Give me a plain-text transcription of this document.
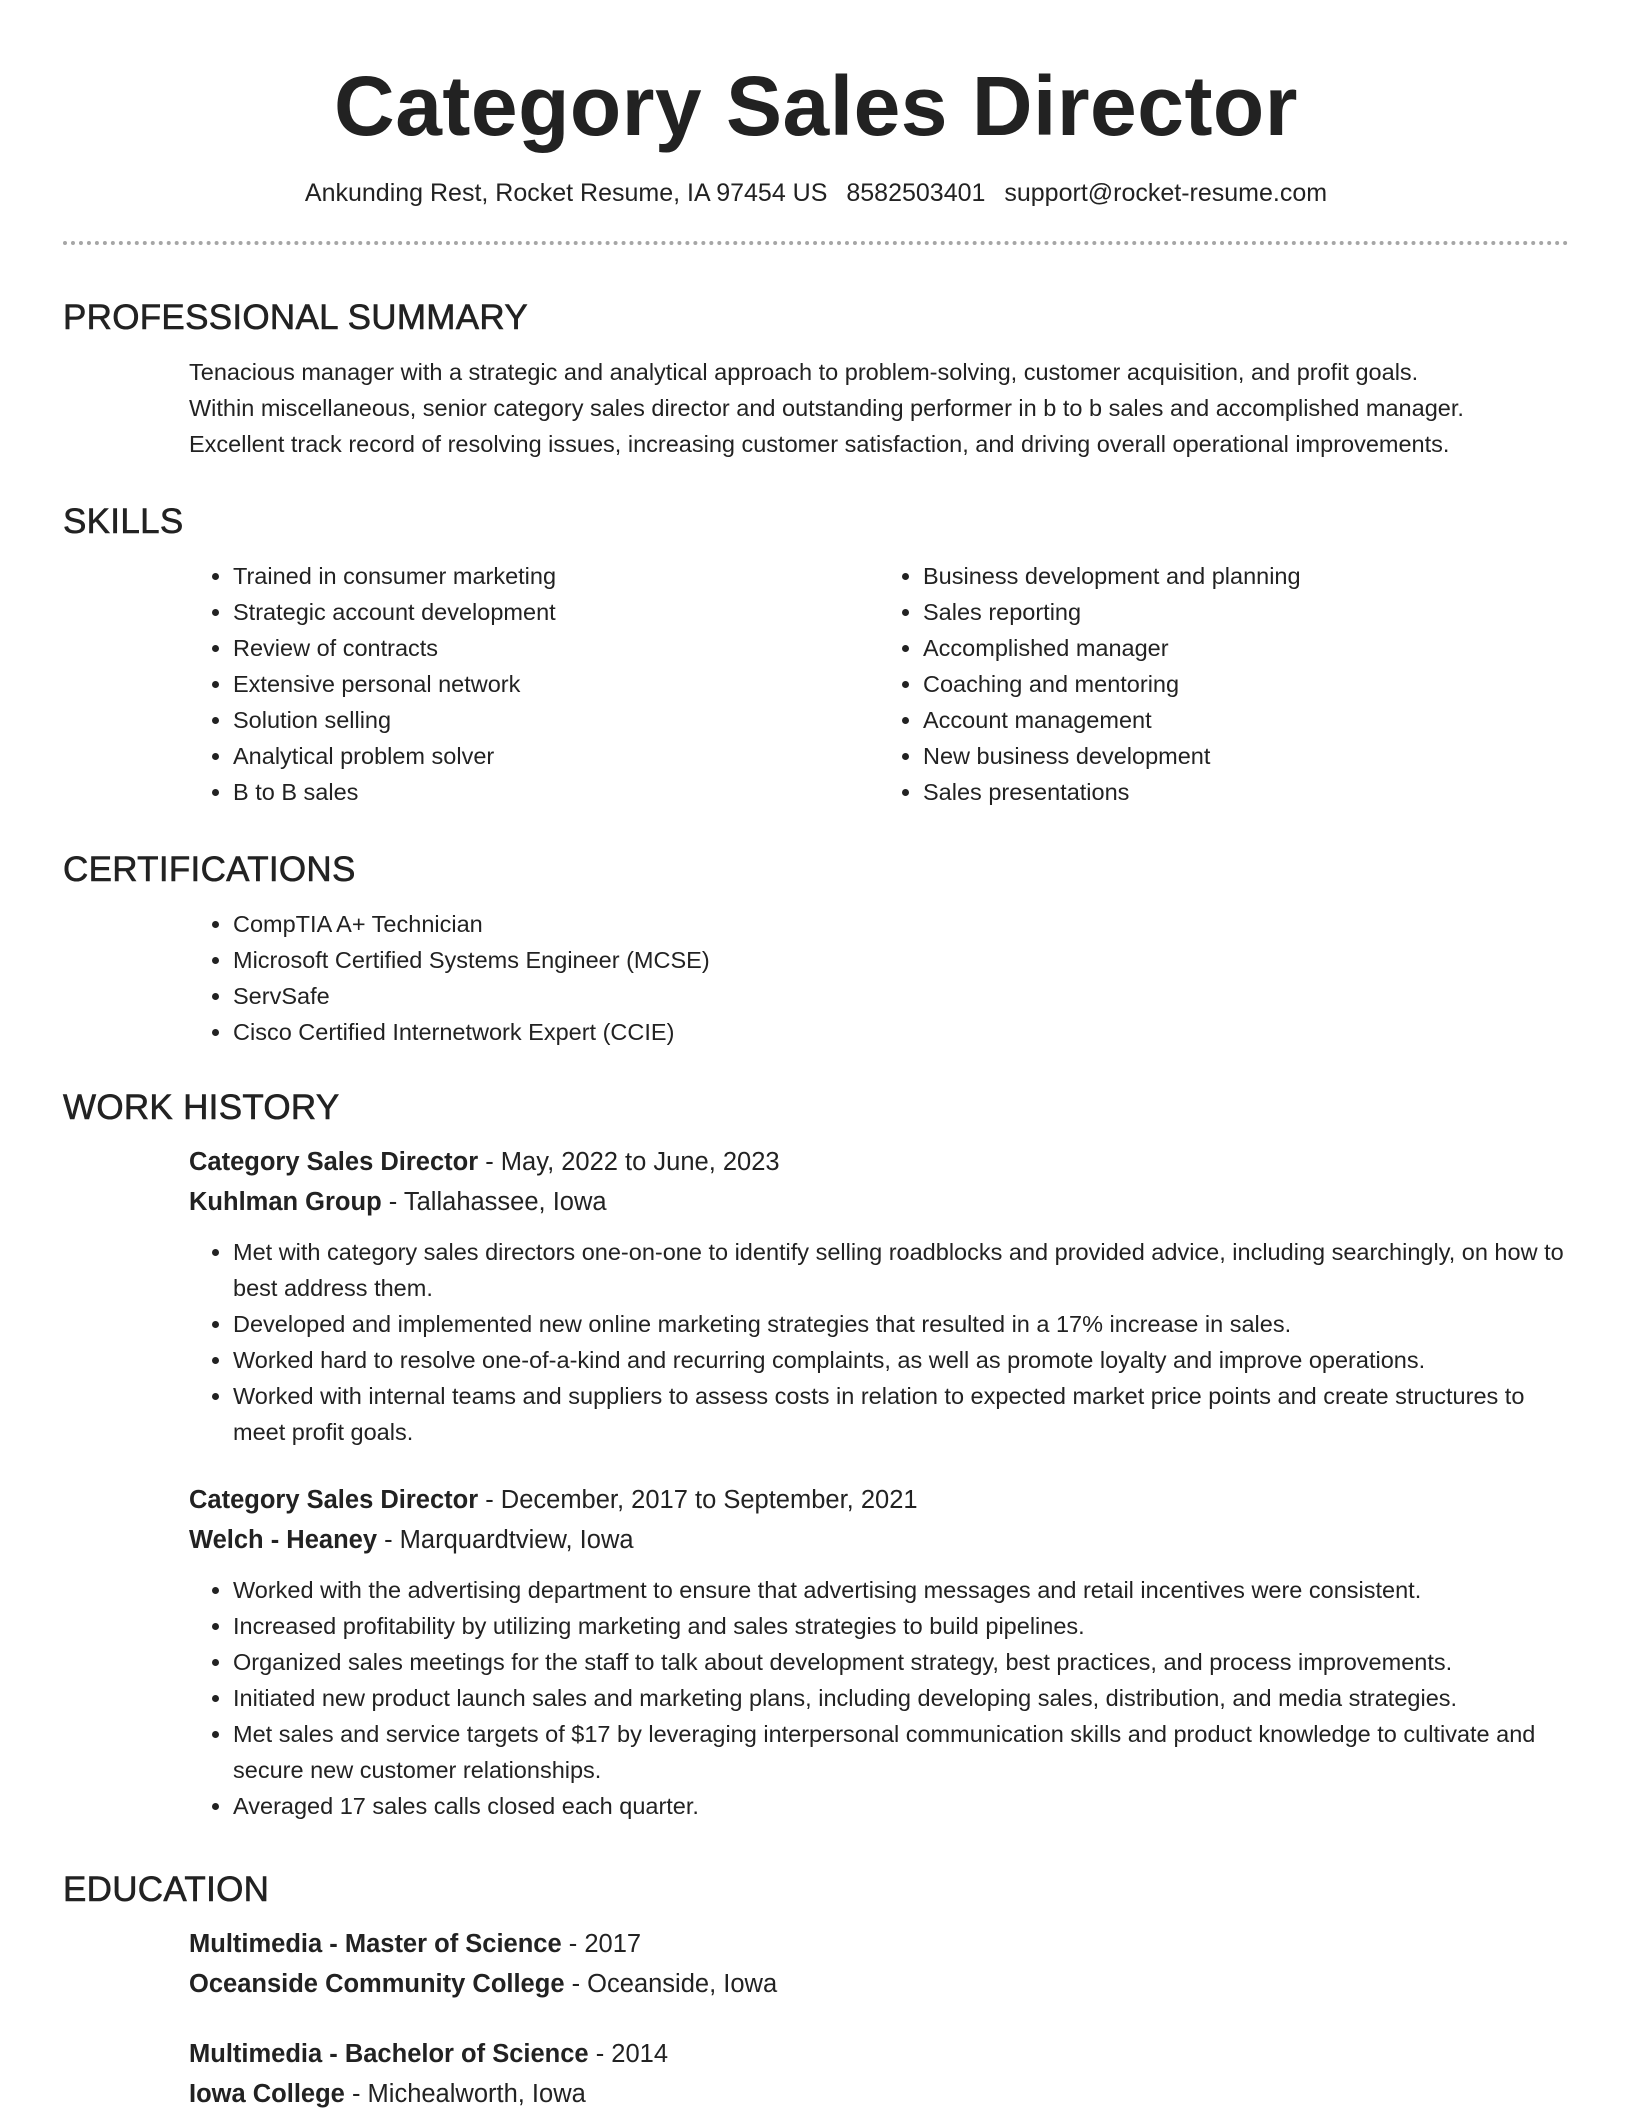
Category Sales Director
Ankunding Rest, Rocket Resume, IA 97454 US 8582503401 support@rocket-resume.com
PROFESSIONAL SUMMARY

Tenacious manager with a strategic and analytical approach to problem-solving, customer acquisition, and profit goals.

Within miscellaneous, senior category sales director and outstanding performer in b to b sales and accomplished manager.

Excellent track record of resolving issues, increasing customer satisfaction, and driving overall operational improvements.

SKILLS
• Trained in consumer marketing
• Strategic account development
• Review of contracts
• Extensive personal network
• Solution selling
• Analytical problem solver
• B to B sales
• Business development and planning
• Sales reporting
• Accomplished manager
• Coaching and mentoring
• Account management
• New business development
• Sales presentations
CERTIFICATIONS
• CompTIA A+ Technician
• Microsoft Certified Systems Engineer (MCSE)
• ServSafe
• Cisco Certified Internetwork Expert (CCIE)
WORK HISTORY

Category Sales Director - May, 2022 to June, 2023

Kuhlman Group - Tallahassee, Iowa

• Met with category sales directors one-on-one to identify selling roadblocks and provided advice, including searchingly, on how to best address them.
• Developed and implemented new online marketing strategies that resulted in a 17% increase in sales.
• Worked hard to resolve one-of-a-kind and recurring complaints, as well as promote loyalty and improve operations.
• Worked with internal teams and suppliers to assess costs in relation to expected market price points and create structures to meet profit goals.

Category Sales Director - December, 2017 to September, 2021

Welch - Heaney - Marquardtview, Iowa

• Worked with the advertising department to ensure that advertising messages and retail incentives were consistent.
• Increased profitability by utilizing marketing and sales strategies to build pipelines.
• Organized sales meetings for the staff to talk about development strategy, best practices, and process improvements.
• Initiated new product launch sales and marketing plans, including developing sales, distribution, and media strategies.
• Met sales and service targets of $17 by leveraging interpersonal communication skills and product knowledge to cultivate and secure new customer relationships.
• Averaged 17 sales calls closed each quarter.
EDUCATION

Multimedia - Master of Science - 2017

Oceanside Community College - Oceanside, Iowa

Multimedia - Bachelor of Science - 2014

Iowa College - Michealworth, Iowa
